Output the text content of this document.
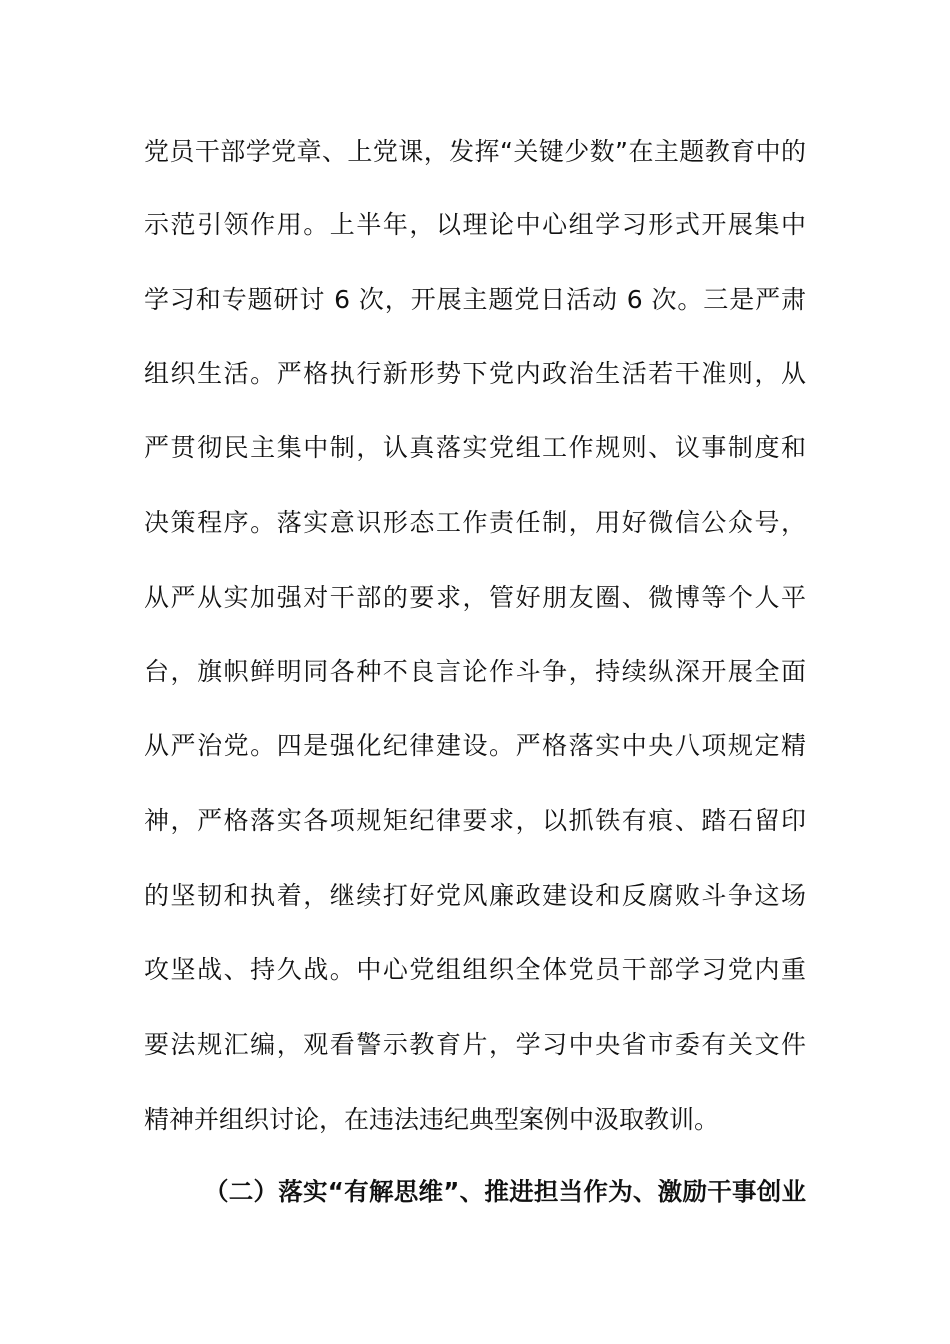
党员干部学党章、上党课，发挥“关键少数”在主题教育中的
示范引领作用。上半年，以理论中心组学习形式开展集中
学习和专题研讨 6 次，开展主题党日活动 6 次。三是严肃
组织生活。严格执行新形势下党内政治生活若干准则，从
严贯彻民主集中制，认真落实党组工作规则、议事制度和
决策程序。落实意识形态工作责任制，用好微信公众号，
从严从实加强对干部的要求，管好朋友圈、微博等个人平
台，旗帜鲜明同各种不良言论作斗争，持续纵深开展全面
从严治党。四是强化纪律建设。严格落实中央八项规定精
神，严格落实各项规矩纪律要求，以抓铁有痕、踏石留印
的坚韧和执着，继续打好党风廉政建设和反腐败斗争这场
攻坚战、持久战。中心党组组织全体党员干部学习党内重
要法规汇编，观看警示教育片，学习中央省市委有关文件
精神并组织讨论，在违法违纪典型案例中汲取教训。
（二）落实“有解思维”、推进担当作为、激励干事创业
